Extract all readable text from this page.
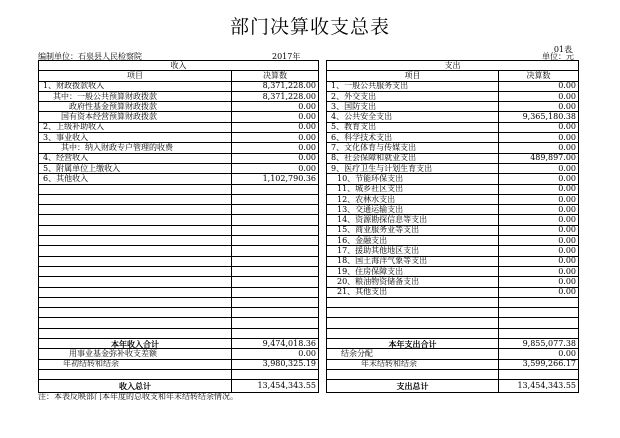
部门决算收支总表
01表
编制单位：石泉县人民检察院	2017年	单位：元
收入			支出	
项目	决算数		项目	决算数
1、财政拨款收入	8,371,228.00		1、一般公共服务支出	0.00
其中：一般公共预算财政拨款	8,371,228.00		2、外交支出	0.00
政府性基金预算财政拨款	0.00		3、国防支出	0.00
国有资本经营预算财政拨款	0.00		4、公共安全支出	9,365,180.38
2、上级补助收入	0.00		5、教育支出	0.00
3、事业收入	0.00		6、科学技术支出	0.00
其中：纳入财政专户管理的收费	0.00		7、文化体育与传媒支出	0.00
4、经营收入	0.00		8、社会保障和就业支出	489,897.00
5、附属单位上缴收入	0.00		9、医疗卫生与计划生育支出	0.00
6、其他收入	1,102,790.36		10、节能环保支出	0.00
			11、城乡社区支出	0.00
			12、农林水支出	0.00
			13、交通运输支出	0.00
			14、资源勘探信息等支出	0.00
			15、商业服务业等支出	0.00
			16、金融支出	0.00
			17、援助其他地区支出	0.00
			18、国土海洋气象等支出	0.00
			19、住房保障支出	0.00
			20、粮油物资储备支出	0.00
			21、其他支出	0.00

本年收入合计	9,474,018.36		本年支出合计	9,855,077.38
用事业基金弥补收支差额	0.00		结余分配	0.00
年初结转和结余	3,980,325.19		年末结转和结余	3,599,266.17

收入总计	13,454,343.55		支出总计	13,454,343.55
注：本表反映部门本年度的总收支和年末结转结余情况。
